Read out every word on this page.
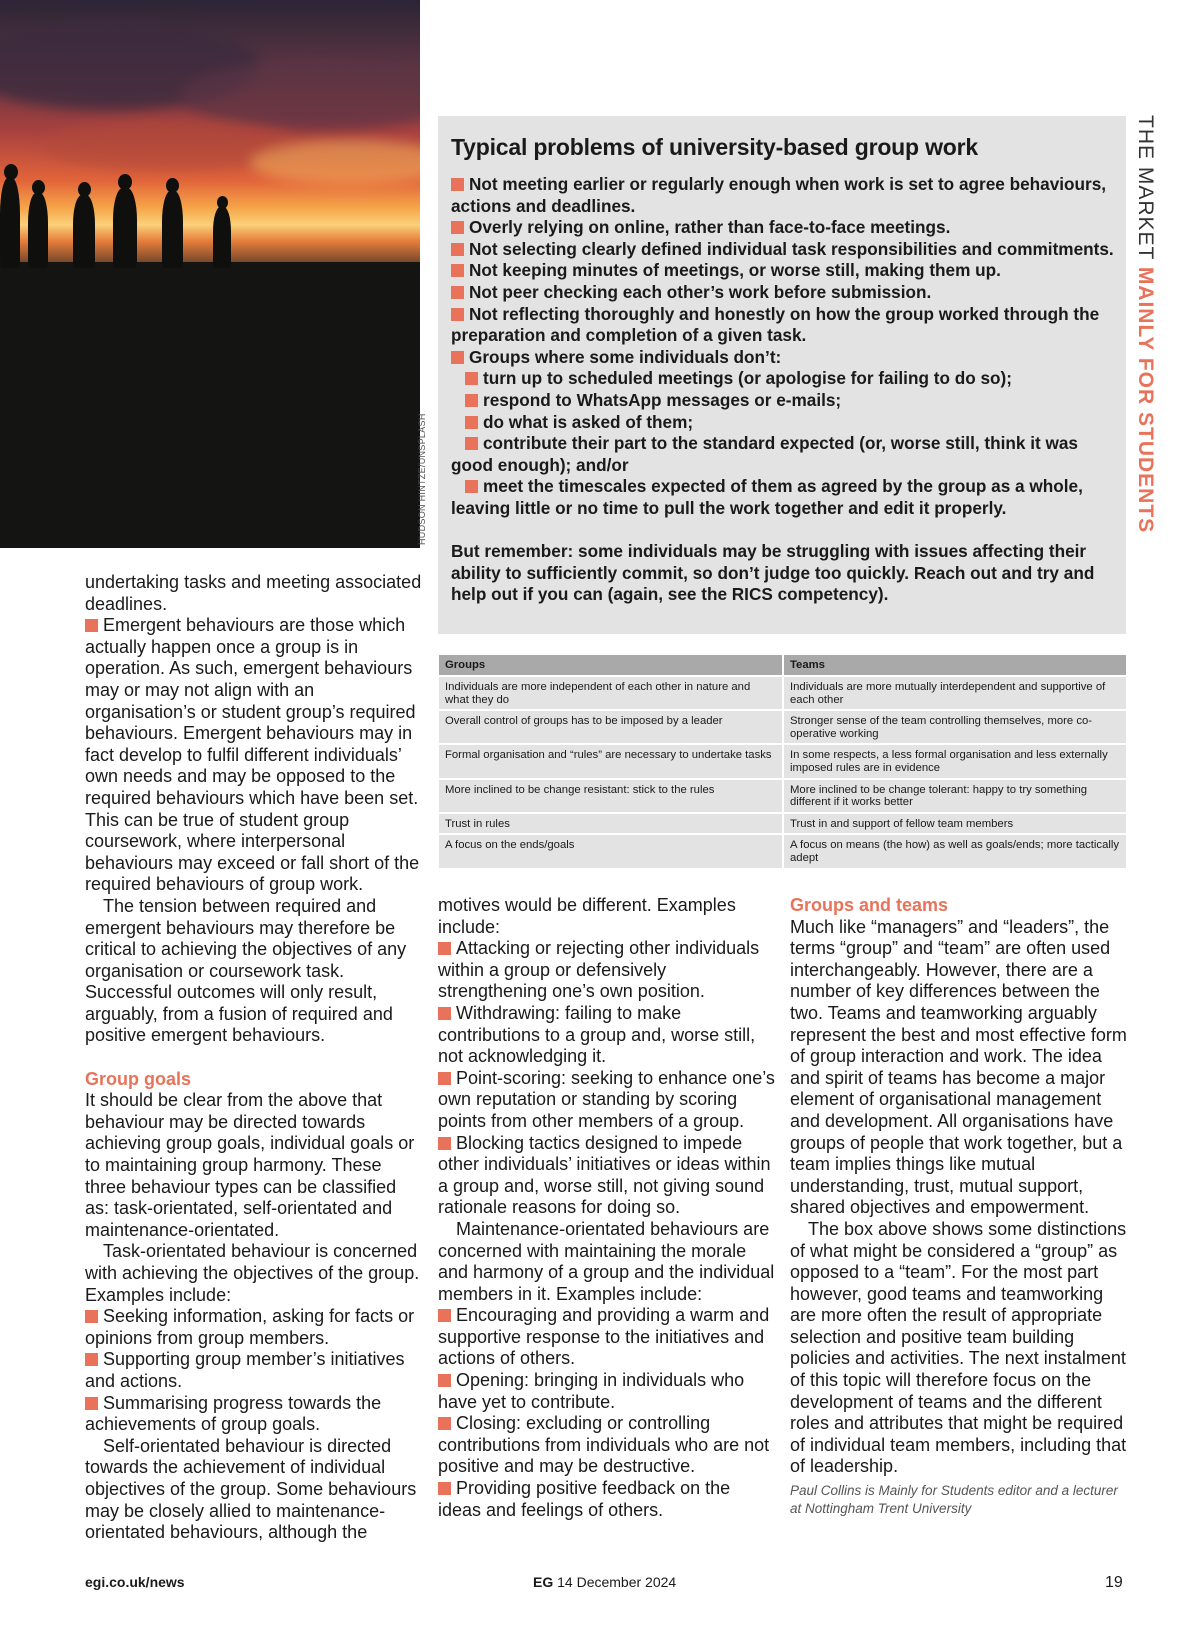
HUDSON HINTZE/UNSPLASH
THE MARKET MAINLY FOR STUDENTS
Typical problems of university-based group work

Not meeting earlier or regularly enough when work is set to agree behaviours, actions and deadlines.

Overly relying on online, rather than face-to-face meetings.

Not selecting clearly defined individual task responsibilities and commitments.

Not keeping minutes of meetings, or worse still, making them up.

Not peer checking each other’s work before submission.

Not reflecting thoroughly and honestly on how the group worked through the preparation and completion of a given task.

Groups where some individuals don’t:

turn up to scheduled meetings (or apologise for failing to do so);

respond to WhatsApp messages or e-mails;

do what is asked of them;

contribute their part to the standard expected (or, worse still, think it was good enough); and/or

meet the timescales expected of them as agreed by the group as a whole, leaving little or no time to pull the work together and edit it properly.

But remember: some individuals may be struggling with issues affecting their ability to sufficiently commit, so don’t judge too quickly. Reach out and try and help out if you can (again, see the RICS competency).

Groups	Teams
Individuals are more independent of each other in nature and what they do	Individuals are more mutually interdependent and supportive of each other
Overall control of groups has to be imposed by a leader	Stronger sense of the team controlling themselves, more co-operative working
Formal organisation and “rules” are necessary to undertake tasks	In some respects, a less formal organisation and less externally imposed rules are in evidence
More inclined to be change resistant: stick to the rules	More inclined to be change tolerant: happy to try something different if it works better
Trust in rules	Trust in and support of fellow team members
A focus on the ends/goals	A focus on means (the how) as well as goals/ends; more tactically adept

undertaking tasks and meeting associated deadlines.

Emergent behaviours are those which actually happen once a group is in operation. As such, emergent behaviours may or may not align with an organisation’s or student group’s required behaviours. Emergent behaviours may in fact develop to fulfil different individuals’ own needs and may be opposed to the required behaviours which have been set. This can be true of student group coursework, where interpersonal behaviours may exceed or fall short of the required behaviours of group work.

The tension between required and emergent behaviours may therefore be critical to achieving the objectives of any organisation or coursework task. Successful outcomes will only result, arguably, from a fusion of required and positive emergent behaviours.

Group goals

It should be clear from the above that behaviour may be directed towards achieving group goals, individual goals or to maintaining group harmony. These three behaviour types can be classified as: task-orientated, self-orientated and maintenance-orientated.

Task-orientated behaviour is concerned with achieving the objectives of the group. Examples include:

Seeking information, asking for facts or opinions from group members.

Supporting group member’s initiatives and actions.

Summarising progress towards the achievements of group goals.

Self-orientated behaviour is directed towards the achievement of individual objectives of the group. Some behaviours may be closely allied to maintenance-orientated behaviours, although the

motives would be different. Examples include:

Attacking or rejecting other individuals within a group or defensively strengthening one’s own position.

Withdrawing: failing to make contributions to a group and, worse still, not acknowledging it.

Point-scoring: seeking to enhance one’s own reputation or standing by scoring points from other members of a group.

Blocking tactics designed to impede other individuals’ initiatives or ideas within a group and, worse still, not giving sound rationale reasons for doing so.

Maintenance-orientated behaviours are concerned with maintaining the morale and harmony of a group and the individual members in it. Examples include:

Encouraging and providing a warm and supportive response to the initiatives and actions of others.

Opening: bringing in individuals who have yet to contribute.

Closing: excluding or controlling contributions from individuals who are not positive and may be destructive.

Providing positive feedback on the ideas and feelings of others.

Groups and teams

Much like “managers” and “leaders”, the terms “group” and “team” are often used interchangeably. However, there are a number of key differences between the two. Teams and teamworking arguably represent the best and most effective form of group interaction and work. The idea and spirit of teams has become a major element of organisational management and development. All organisations have groups of people that work together, but a team implies things like mutual understanding, trust, mutual support, shared objectives and empowerment.

The box above shows some distinctions of what might be considered a “group” as opposed to a “team”. For the most part however, good teams and teamworking are more often the result of appropriate selection and positive team building policies and activities. The next instalment of this topic will therefore focus on the development of teams and the different roles and attributes that might be required of individual team members, including that of leadership.

Paul Collins is Mainly for Students editor and a lecturer at Nottingham Trent University

egi.co.uk/news	EG 14 December 2024	19
